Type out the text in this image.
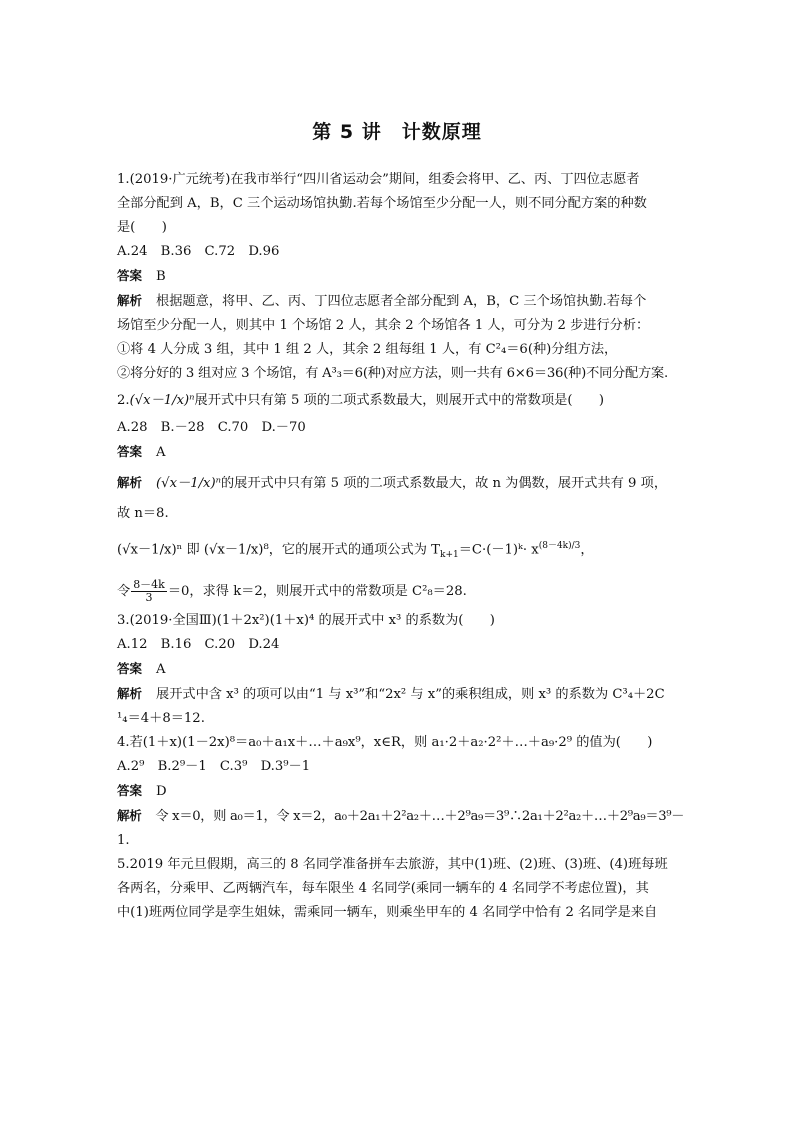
第 5 讲　计数原理

1.(2019·广元统考)在我市举行“四川省运动会”期间，组委会将甲、乙、丙、丁四位志愿者

全部分配到 A，B，C 三个运动场馆执勤.若每个场馆至少分配一人，则不同分配方案的种数

是(　　)

A.24　B.36　C.72　D.96

答案 B

解析 根据题意，将甲、乙、丙、丁四位志愿者全部分配到 A，B，C 三个场馆执勤.若每个

场馆至少分配一人，则其中 1 个场馆 2 人，其余 2 个场馆各 1 人，可分为 2 步进行分析：

①将 4 人分成 3 组，其中 1 组 2 人，其余 2 组每组 1 人，有 C²₄＝6(种)分组方法，

②将分好的 3 组对应 3 个场馆，有 A³₃＝6(种)对应方法，则一共有 6×6＝36(种)不同分配方案.

2.(√x－1/x)ⁿ展开式中只有第 5 项的二项式系数最大，则展开式中的常数项是(　　)

A.28　B.－28　C.70　D.－70

答案 A

解析 (√x－1/x)ⁿ的展开式中只有第 5 项的二项式系数最大，故 n 为偶数，展开式共有 9 项，

故 n＝8.

(√x－1/x)ⁿ 即 (√x－1/x)⁸，它的展开式的通项公式为 $T_{k+1}=C\cdot(-1)ᵏ\cdot x^{(8-4k)/3}$，

令 $\frac{8-4k}{3} =0$，求得 k＝2，则展开式中的常数项是 C²₈＝28.

3.(2019·全国Ⅲ)(1＋2x²)(1＋x)⁴ 的展开式中 x³ 的系数为(　　)

A.12　B.16　C.20　D.24

答案 A

解析 展开式中含 x³ 的项可以由“1 与 x³”和“2x² 与 x”的乘积组成，则 x³ 的系数为 C³₄＋2C

¹₄＝4＋8＝12.

4.若(1＋x)(1－2x)⁸＝a₀＋a₁x＋…＋a₉x⁹，x∈R，则 a₁·2＋a₂·2²＋…＋a₉·2⁹ 的值为(　　)

A.2⁹　B.2⁹－1　C.3⁹　D.3⁹－1

答案 D

解析 令 x＝0，则 a₀＝1，令 x＝2，a₀＋2a₁＋2²a₂＋…＋2⁹a₉＝3⁹∴2a₁＋2²a₂＋…＋2⁹a₉＝3⁹－

1.

5.2019 年元旦假期，高三的 8 名同学准备拼车去旅游，其中(1)班、(2)班、(3)班、(4)班每班

各两名，分乘甲、乙两辆汽车，每车限坐 4 名同学(乘同一辆车的 4 名同学不考虑位置)，其

中(1)班两位同学是孪生姐妹，需乘同一辆车，则乘坐甲车的 4 名同学中恰有 2 名同学是来自
